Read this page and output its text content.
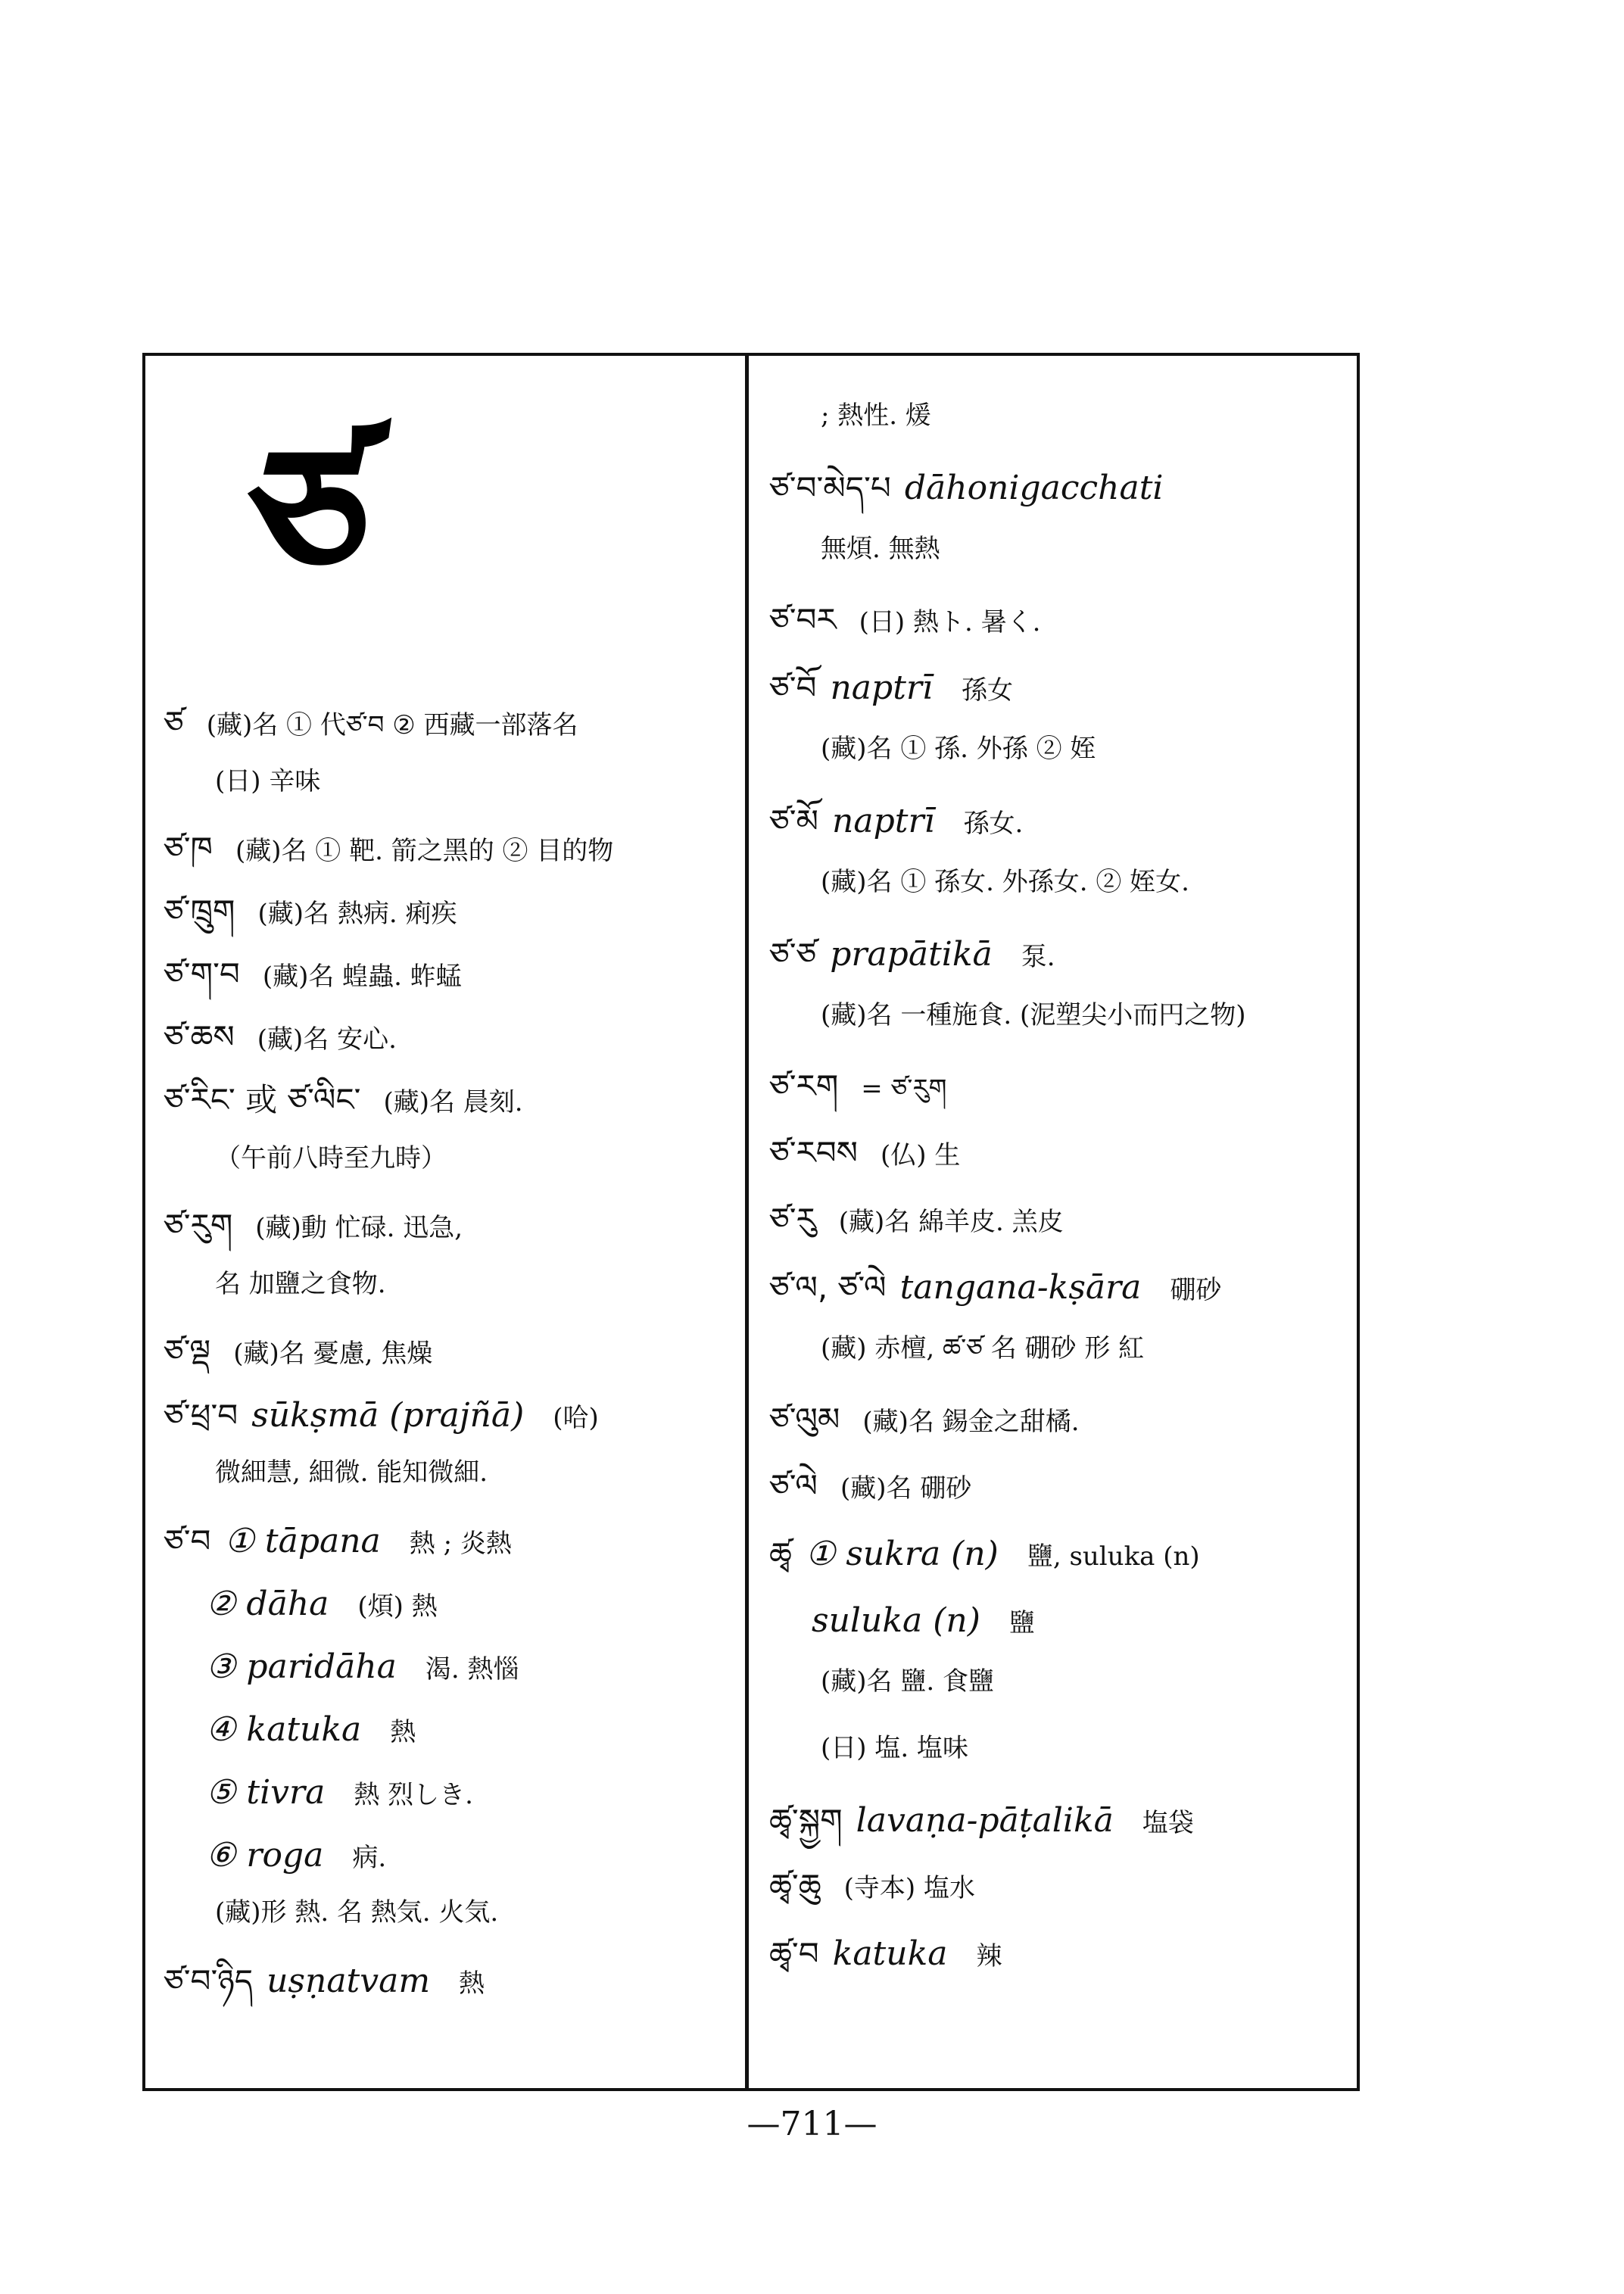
ཙ
ཙ (藏)名 ① 代ཙ་བ ② 西藏一部落名
(日) 辛味
ཙ་ཁ (藏)名 ① 靶. 箭之黑的 ② 目的物
ཙ་ཁྲུག (藏)名 熱病. 痢疾
ཙ་ག་བ (藏)名 蝗蟲. 蚱蜢
ཙ་ཆས (藏)名 安心.
ཙ་རིང་ 或 ཙ་ལིང་ (藏)名 晨刻.
（午前八時至九時）
ཙ་རུག (藏)動 忙碌. 迅急,
名 加鹽之食物.
ཙ་ལྡ (藏)名 憂慮, 焦燥
ཙ་ཕྲ་བ sūkṣmā (prajñā) (哈)
微細慧, 細微. 能知微細.
ཙ་བ ① tāpana 熱 ; 炎熱
② dāha (煩) 熱
③ paridāha 渴. 熱惱
④ katuka 熱
⑤ tivra 熱 烈しき.
⑥ roga 病.
(藏)形 熱. 名 熱気. 火気.
ཙ་བ་ཉིད uṣṇatvam 熱
; 熱性. 煖
ཙ་བ་མེད་པ dāhonigacchati
無煩. 無熱
ཙ་བར (日) 熱ト. 暑く.
ཙ་བོ naptrī 孫女
(藏)名 ① 孫. 外孫 ② 姪
ཙ་མོ naptrī 孫女.
(藏)名 ① 孫女. 外孫女. ② 姪女.
ཙ་ཙ prapātikā 泵.
(藏)名 一種施食. (泥塑尖小而円之物)
ཙ་རག = ཙ་རུག
ཙ་རབས (仏) 生
ཙ་རུ (藏)名 綿羊皮. 羔皮
ཙ་ལ, ཙ་ལེ tangana-kṣāra 硼砂
(藏) 赤檀, ཚ་ཙ 名 硼砂 形 紅
ཙ་ལུམ (藏)名 錫金之甜橘.
ཙ་ལེ (藏)名 硼砂
ཚྭ ① sukra (n) 鹽, suluka (n)
suluka (n) 鹽
(藏)名 鹽. 食鹽
(日) 塩. 塩味
ཚྭ་སྐྱག lavaṇa-pāṭalikā 塩袋
ཚྭ་ཆུ (寺本) 塩水
ཚྭ་བ katuka 辣
—711—
